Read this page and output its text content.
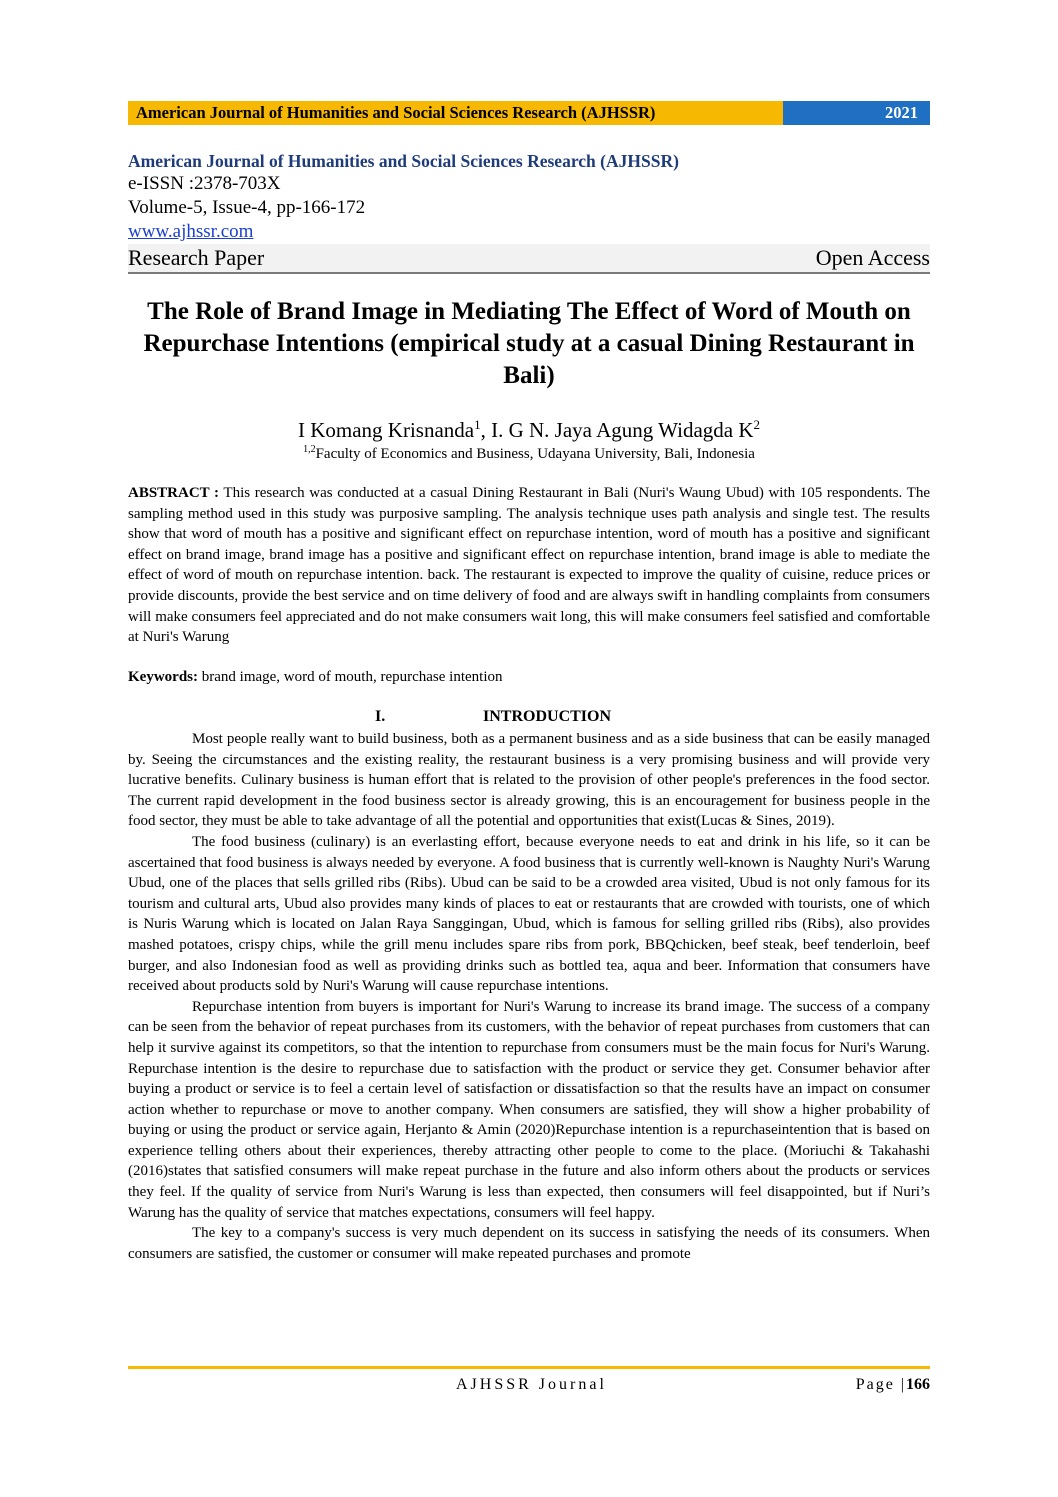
American Journal of Humanities and Social Sciences Research (AJHSSR)	2021
American Journal of Humanities and Social Sciences Research (AJHSSR)
e-ISSN :2378-703X
Volume-5, Issue-4, pp-166-172
www.ajhssr.com
Research Paper	Open Access
The Role of Brand Image in Mediating The Effect of Word of Mouth on Repurchase Intentions (empirical study at a casual Dining Restaurant in Bali)
I Komang Krisnanda$^1$, I. G N. Jaya Agung Widagda $K^2$
$^{1,2}$Faculty of Economics and Business, Udayana University, Bali, Indonesia
ABSTRACT : This research was conducted at a casual Dining Restaurant in Bali (Nuri's Waung Ubud) with 105 respondents. The sampling method used in this study was purposive sampling. The analysis technique uses path analysis and single test. The results show that word of mouth has a positive and significant effect on repurchase intention, word of mouth has a positive and significant effect on brand image, brand image has a positive and significant effect on repurchase intention, brand image is able to mediate the effect of word of mouth on repurchase intention. back. The restaurant is expected to improve the quality of cuisine, reduce prices or provide discounts, provide the best service and on time delivery of food and are always swift in handling complaints from consumers will make consumers feel appreciated and do not make consumers wait long, this will make consumers feel satisfied and comfortable at Nuri's Warung
Keywords: brand image, word of mouth, repurchase intention
I.	INTRODUCTION

Most people really want to build business, both as a permanent business and as a side business that can be easily managed by. Seeing the circumstances and the existing reality, the restaurant business is a very promising business and will provide very lucrative benefits. Culinary business is human effort that is related to the provision of other people's preferences in the food sector. The current rapid development in the food business sector is already growing, this is an encouragement for business people in the food sector, they must be able to take advantage of all the potential and opportunities that exist(Lucas & Sines, 2019).

The food business (culinary) is an everlasting effort, because everyone needs to eat and drink in his life, so it can be ascertained that food business is always needed by everyone. A food business that is currently well-known is Naughty Nuri's Warung Ubud, one of the places that sells grilled ribs (Ribs). Ubud can be said to be a crowded area visited, Ubud is not only famous for its tourism and cultural arts, Ubud also provides many kinds of places to eat or restaurants that are crowded with tourists, one of which is Nuris Warung which is located on Jalan Raya Sanggingan, Ubud, which is famous for selling grilled ribs (Ribs), also provides mashed potatoes, crispy chips, while the grill menu includes spare ribs from pork, BBQchicken, beef steak, beef tenderloin, beef burger, and also Indonesian food as well as providing drinks such as bottled tea, aqua and beer. Information that consumers have received about products sold by Nuri's Warung will cause repurchase intentions.

Repurchase intention from buyers is important for Nuri's Warung to increase its brand image. The success of a company can be seen from the behavior of repeat purchases from its customers, with the behavior of repeat purchases from customers that can help it survive against its competitors, so that the intention to repurchase from consumers must be the main focus for Nuri's Warung. Repurchase intention is the desire to repurchase due to satisfaction with the product or service they get. Consumer behavior after buying a product or service is to feel a certain level of satisfaction or dissatisfaction so that the results have an impact on consumer action whether to repurchase or move to another company. When consumers are satisfied, they will show a higher probability of buying or using the product or service again, Herjanto & Amin (2020)Repurchase intention is a repurchaseintention that is based on experience telling others about their experiences, thereby attracting other people to come to the place. (Moriuchi & Takahashi (2016)states that satisfied consumers will make repeat purchase in the future and also inform others about the products or services they feel. If the quality of service from Nuri's Warung is less than expected, then consumers will feel disappointed, but if Nuri’s Warung has the quality of service that matches expectations, consumers will feel happy.

The key to a company's success is very much dependent on its success in satisfying the needs of its consumers. When consumers are satisfied, the customer or consumer will make repeated purchases and promote

AJHSSR Journal	Page |166
